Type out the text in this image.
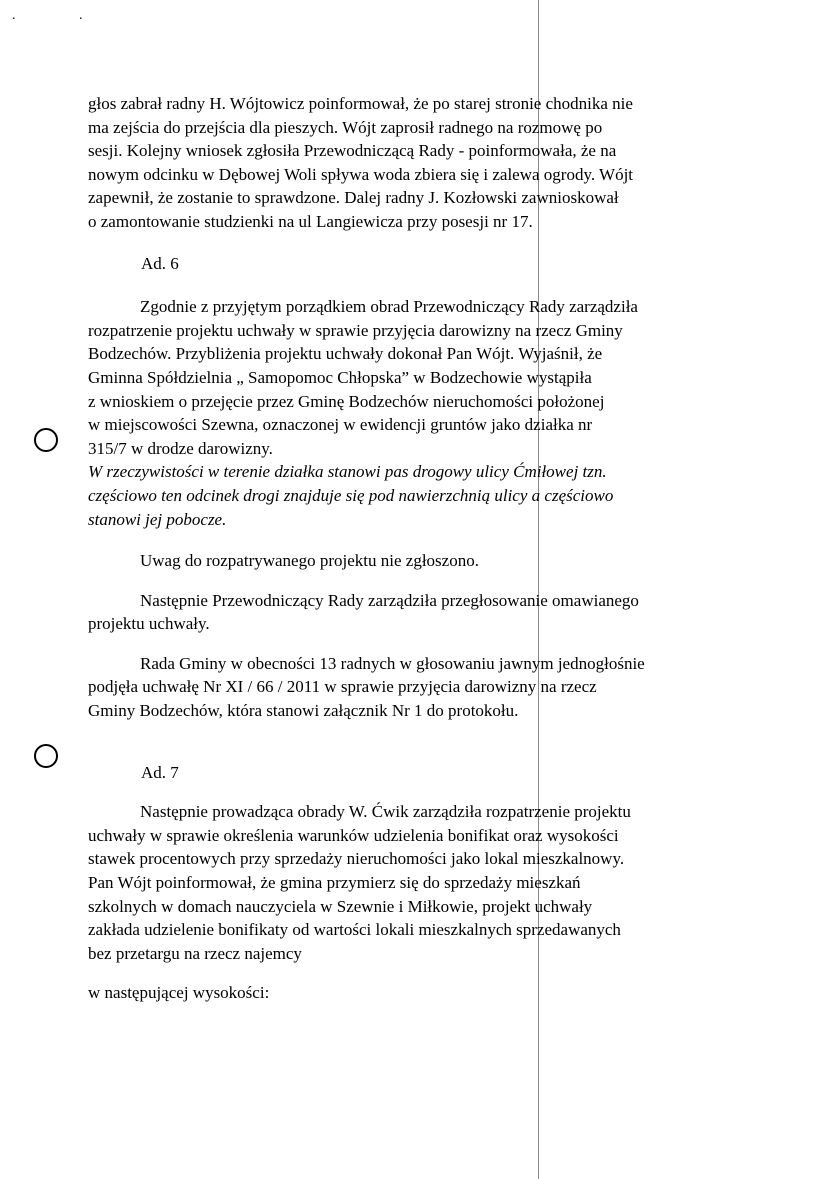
. .
głos zabrał radny H. Wójtowicz poinformował, że po starej stronie chodnika nie
ma zejścia do przejścia dla pieszych. Wójt zaprosił radnego na rozmowę po
sesji. Kolejny wniosek zgłosiła Przewodniczącą Rady - poinformowała, że na
nowym odcinku w Dębowej Woli spływa woda zbiera się i zalewa ogrody. Wójt
zapewnił, że zostanie to sprawdzone. Dalej radny J. Kozłowski zawnioskował
o zamontowanie studzienki na ul Langiewicza przy posesji nr 17.
Ad. 6
Zgodnie z przyjętym porządkiem obrad Przewodniczący Rady zarządziła
rozpatrzenie projektu uchwały w sprawie przyjęcia darowizny na rzecz Gminy
Bodzechów. Przybliżenia projektu uchwały dokonał Pan Wójt. Wyjaśnił, że
Gminna Spółdzielnia „ Samopomoc Chłopska” w Bodzechowie wystąpiła
z wnioskiem o przejęcie przez Gminę Bodzechów nieruchomości położonej
w miejscowości Szewna, oznaczonej w ewidencji gruntów jako działka nr
315/7 w drodze darowizny.
W rzeczywistości w terenie działka stanowi pas drogowy ulicy Ćmiłowej tzn.
częściowo ten odcinek drogi znajduje się pod nawierzchnią ulicy a częściowo
stanowi jej pobocze.
Uwag do rozpatrywanego projektu nie zgłoszono.
Następnie Przewodniczący Rady zarządziła przegłosowanie omawianego
projektu uchwały.
Rada Gminy w obecności 13 radnych w głosowaniu jawnym jednogłośnie
podjęła uchwałę Nr XI / 66 / 2011 w sprawie przyjęcia darowizny na rzecz
Gminy Bodzechów, która stanowi załącznik Nr 1 do protokołu.
Ad. 7
Następnie prowadząca obrady W. Ćwik zarządziła rozpatrzenie projektu
uchwały w sprawie określenia warunków udzielenia bonifikat oraz wysokości
stawek procentowych przy sprzedaży nieruchomości jako lokal mieszkalnowy.
Pan Wójt poinformował, że gmina przymierz się do sprzedaży mieszkań
szkolnych w domach nauczyciela w Szewnie i Miłkowie, projekt uchwały
zakłada udzielenie bonifikaty od wartości lokali mieszkalnych sprzedawanych
bez przetargu na rzecz najemcy
w następującej wysokości:
